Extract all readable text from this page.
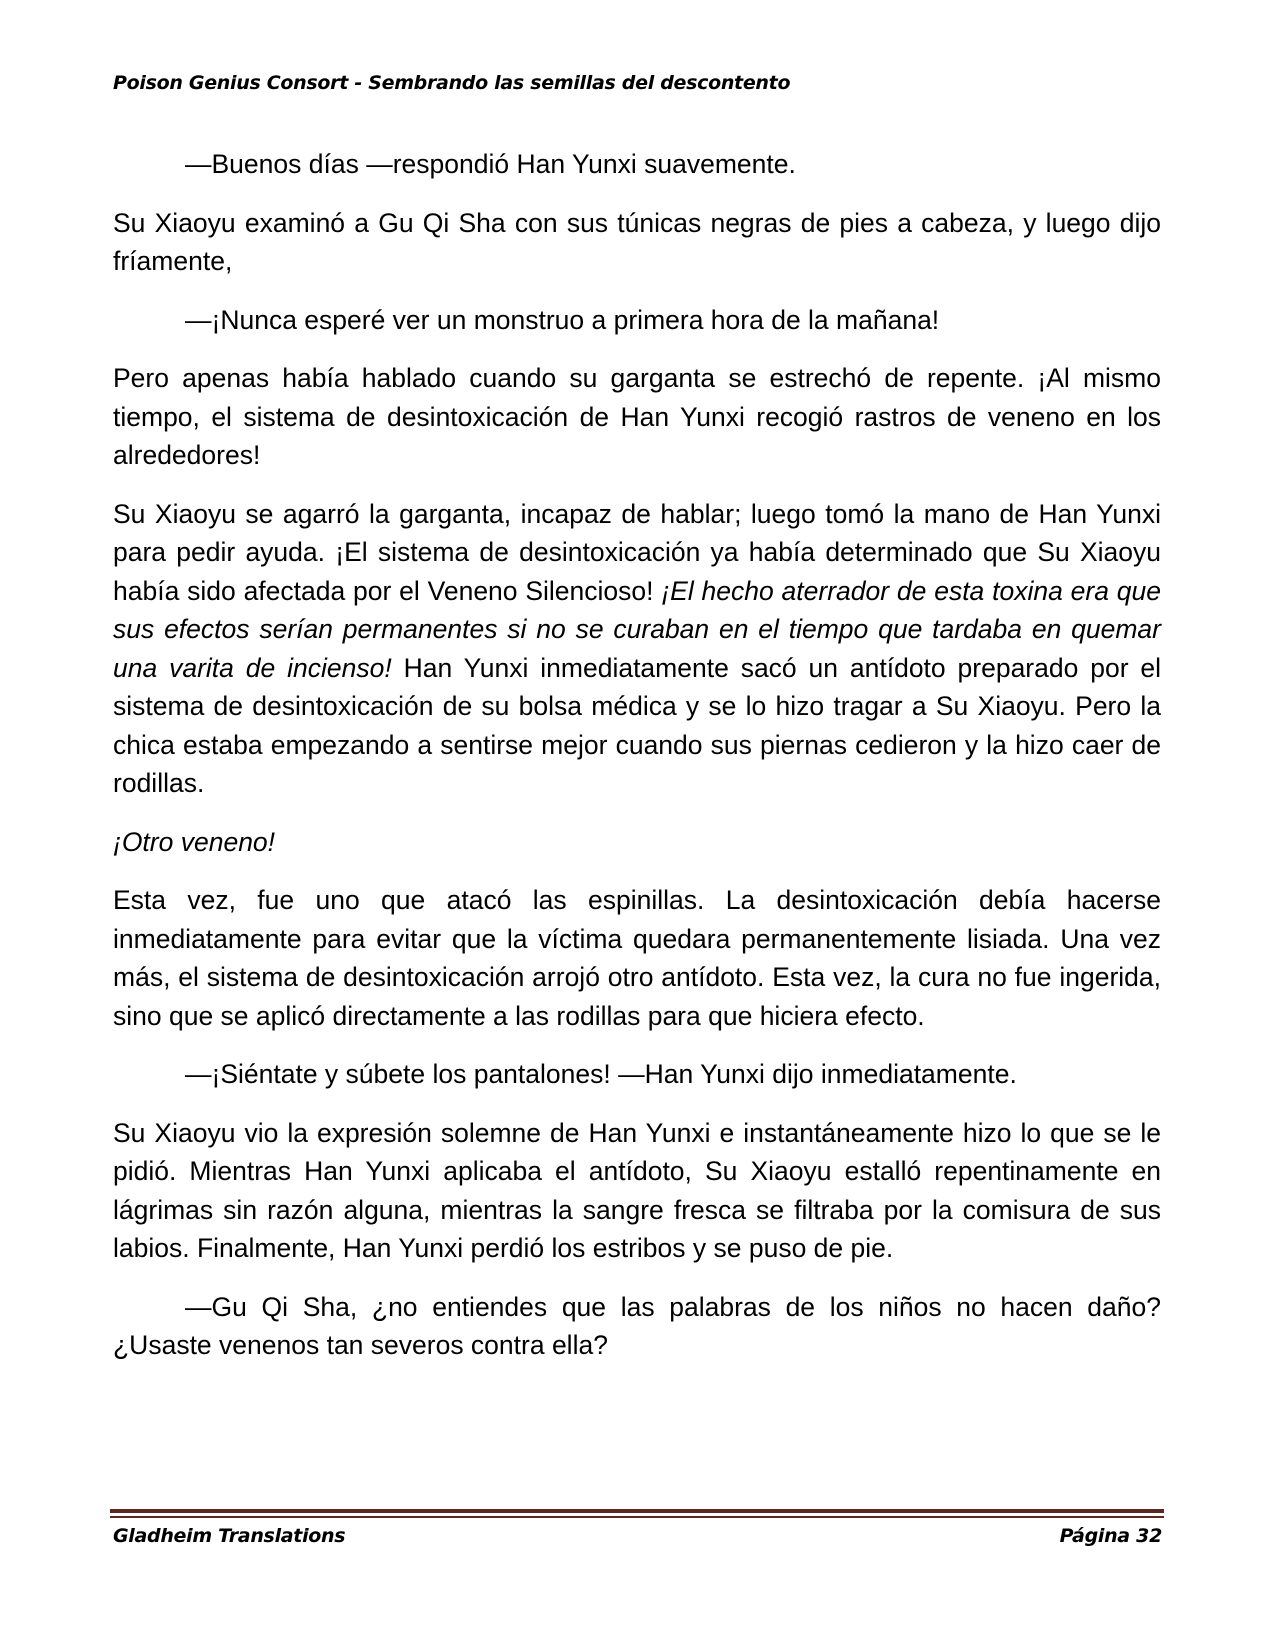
Poison Genius Consort - Sembrando las semillas del descontento

—Buenos días —respondió Han Yunxi suavemente.

Su Xiaoyu examinó a Gu Qi Sha con sus túnicas negras de pies a cabeza, y luego dijo fríamente,

—¡Nunca esperé ver un monstruo a primera hora de la mañana!

Pero apenas había hablado cuando su garganta se estrechó de repente. ¡Al mismo tiempo, el sistema de desintoxicación de Han Yunxi recogió rastros de veneno en los alrededores!

Su Xiaoyu se agarró la garganta, incapaz de hablar; luego tomó la mano de Han Yunxi para pedir ayuda. ¡El sistema de desintoxicación ya había determinado que Su Xiaoyu había sido afectada por el Veneno Silencioso! ¡El hecho aterrador de esta toxina era que sus efectos serían permanentes si no se curaban en el tiempo que tardaba en quemar una varita de incienso! Han Yunxi inmediatamente sacó un antídoto preparado por el sistema de desintoxicación de su bolsa médica y se lo hizo tragar a Su Xiaoyu. Pero la chica estaba empezando a sentirse mejor cuando sus piernas cedieron y la hizo caer de rodillas.

¡Otro veneno!

Esta vez, fue uno que atacó las espinillas. La desintoxicación debía hacerse inmediatamente para evitar que la víctima quedara permanentemente lisiada. Una vez más, el sistema de desintoxicación arrojó otro antídoto. Esta vez, la cura no fue ingerida, sino que se aplicó directamente a las rodillas para que hiciera efecto.

—¡Siéntate y súbete los pantalones! —Han Yunxi dijo inmediatamente.

Su Xiaoyu vio la expresión solemne de Han Yunxi e instantáneamente hizo lo que se le pidió. Mientras Han Yunxi aplicaba el antídoto, Su Xiaoyu estalló repentinamente en lágrimas sin razón alguna, mientras la sangre fresca se filtraba por la comisura de sus labios. Finalmente, Han Yunxi perdió los estribos y se puso de pie.

—Gu Qi Sha, ¿no entiendes que las palabras de los niños no hacen daño? ¿Usaste venenos tan severos contra ella?

Gladheim Translations	Página 32
